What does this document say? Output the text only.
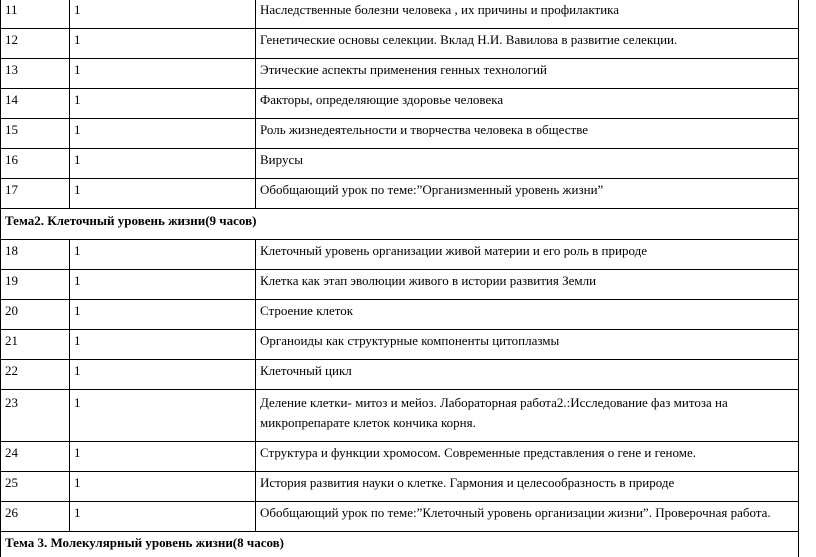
11	1	Наследственные болезни человека , их причины и профилактика
12	1	Генетические основы селекции. Вклад Н.И. Вавилова в развитие селекции.
13	1	Этические аспекты применения генных технологий
14	1	Факторы, определяющие здоровье человека
15	1	Роль жизнедеятельности и творчества человека в обществе
16	1	Вирусы
17	1	Обобщающий урок по теме:”Организменный уровень жизни”
Тема2. Клеточный уровень жизни(9 часов)		
18	1	Клеточный уровень организации живой материи и его роль в природе
19	1	Клетка как этап эволюции живого в истории развития Земли
20	1	Строение клеток
21	1	Органоиды как структурные компоненты цитоплазмы
22	1	Клеточный цикл
23	1	Деление клетки- митоз и мейоз. Лабораторная работа2.:Исследование фаз митоза на
микропрепарате клеток кончика корня.

24	1	Структура и функции хромосом. Современные представления о гене и геноме.
25	1	История развития науки о клетке. Гармония и целесообразность в природе
26	1	Обобщающий урок по теме:”Клеточный уровень организации жизни”. Проверочная работа.
Тема 3. Молекулярный уровень жизни(8 часов)		
